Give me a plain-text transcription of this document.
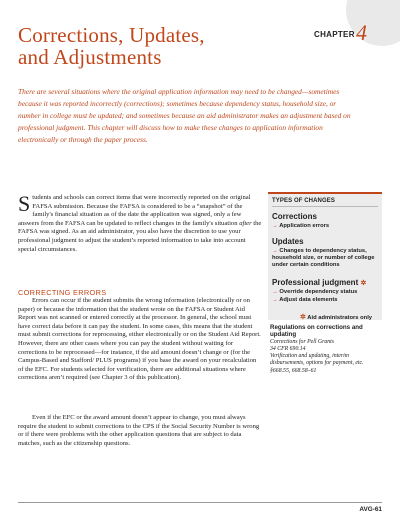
Corrections, Updates,
and Adjustments
CHAPTER 4
There are several situations where the original application information may need to be changed—sometimes because it was reported incorrectly (corrections); sometimes because dependency status, household size, or number in college must be updated; and sometimes because an aid administrator makes an adjustment based on professional judgment. This chapter will discuss how to make these changes to application information electronically or through the paper process.

Students and schools can correct items that were incorrectly reported on the original FAFSA submission. Because the FAFSA is considered to be a “snapshot” of the family's financial situation as of the date the application was signed, only a few answers from the FAFSA can be updated to reflect changes in the family's situation after the FAFSA was signed. As an aid administrator, you also have the discretion to use your professional judgment to adjust the student’s reported information to take into account special circumstances.

CORRECTING ERRORS

Errors can occur if the student submits the wrong information (electronically or on paper) or because the information that the student wrote on the FAFSA or Student Aid Report was not scanned or entered correctly at the processor. In general, the school must have correct data before it can pay the student. In some cases, this means that the student must submit corrections for reprocessing, either electronically or on the Student Aid Report. However, there are other cases where you can pay the student without waiting for corrections to be reprocessed—for instance, if the aid amount doesn’t change or (for the Campus-Based and Stafford/ PLUS programs) if you base the award on your recalculation of the EFC. For students selected for verification, there are additional situations where corrections aren’t required (see Chapter 3 of this publication).

Even if the EFC or the award amount doesn’t appear to change, you must always require the student to submit corrections to the CPS if the Social Security Number is wrong or if there were problems with the other application questions that are subject to data matches, such as the citizenship questions.

TYPES OF CHANGES
Corrections
→ Application errors
Updates
→ Changes to dependency status, household size, or number of college under certain conditions
Professional judgment ✲
→ Override dependency status
→ Adjust data elements
✲ Aid administrators only
Regulations on corrections and updating
Corrections for Pell Grants
34 CFR 690.14
Verification and updating, interim
disbursements, options for payment, etc.
§668.55, 668.58–61
AVG-61
